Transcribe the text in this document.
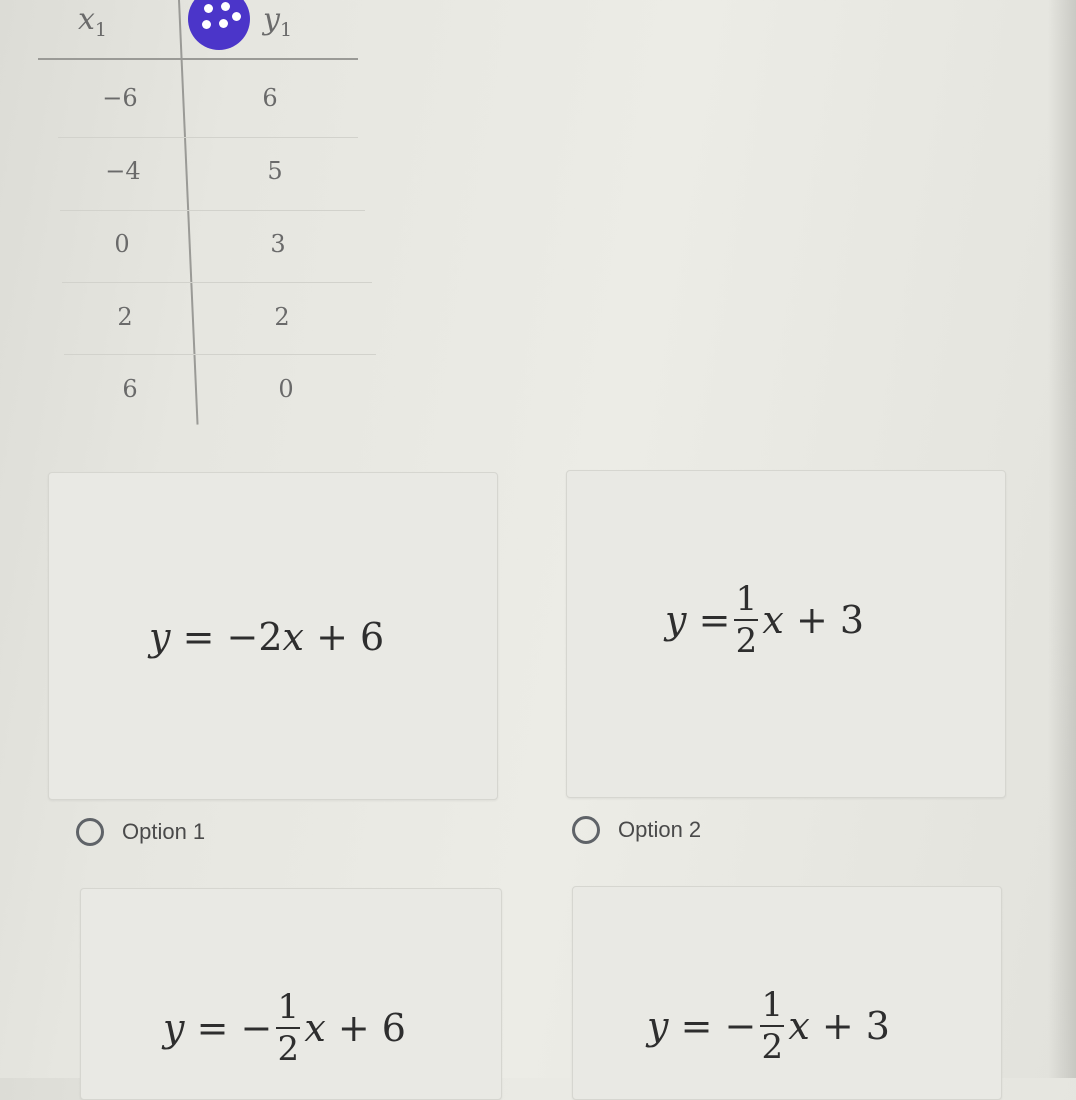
$x_1$	$y_1$
−6	6
−4	5
0	3
2	2
6	0
y
=
−2 x
+ 6
Option 1
y
= $\frac{1}{2}$ x
+ 3
Option 2
y
=
− $\frac{1}{2}$ x
+ 6	y
=
− $\frac{1}{2}$ x
+ 3
